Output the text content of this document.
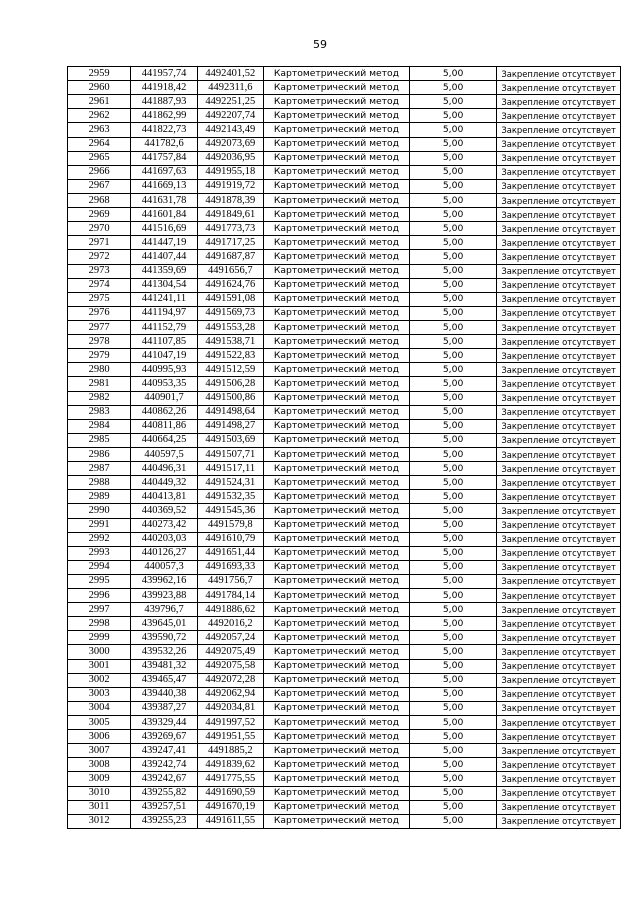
59
2959	441957,74	4492401,52	Картометрический метод	5,00	Закрепление отсутствует
2960	441918,42	4492311,6	Картометрический метод	5,00	Закрепление отсутствует
2961	441887,93	4492251,25	Картометрический метод	5,00	Закрепление отсутствует
2962	441862,99	4492207,74	Картометрический метод	5,00	Закрепление отсутствует
2963	441822,73	4492143,49	Картометрический метод	5,00	Закрепление отсутствует
2964	441782,6	4492073,69	Картометрический метод	5,00	Закрепление отсутствует
2965	441757,84	4492036,95	Картометрический метод	5,00	Закрепление отсутствует
2966	441697,63	4491955,18	Картометрический метод	5,00	Закрепление отсутствует
2967	441669,13	4491919,72	Картометрический метод	5,00	Закрепление отсутствует
2968	441631,78	4491878,39	Картометрический метод	5,00	Закрепление отсутствует
2969	441601,84	4491849,61	Картометрический метод	5,00	Закрепление отсутствует
2970	441516,69	4491773,73	Картометрический метод	5,00	Закрепление отсутствует
2971	441447,19	4491717,25	Картометрический метод	5,00	Закрепление отсутствует
2972	441407,44	4491687,87	Картометрический метод	5,00	Закрепление отсутствует
2973	441359,69	4491656,7	Картометрический метод	5,00	Закрепление отсутствует
2974	441304,54	4491624,76	Картометрический метод	5,00	Закрепление отсутствует
2975	441241,11	4491591,08	Картометрический метод	5,00	Закрепление отсутствует
2976	441194,97	4491569,73	Картометрический метод	5,00	Закрепление отсутствует
2977	441152,79	4491553,28	Картометрический метод	5,00	Закрепление отсутствует
2978	441107,85	4491538,71	Картометрический метод	5,00	Закрепление отсутствует
2979	441047,19	4491522,83	Картометрический метод	5,00	Закрепление отсутствует
2980	440995,93	4491512,59	Картометрический метод	5,00	Закрепление отсутствует
2981	440953,35	4491506,28	Картометрический метод	5,00	Закрепление отсутствует
2982	440901,7	4491500,86	Картометрический метод	5,00	Закрепление отсутствует
2983	440862,26	4491498,64	Картометрический метод	5,00	Закрепление отсутствует
2984	440811,86	4491498,27	Картометрический метод	5,00	Закрепление отсутствует
2985	440664,25	4491503,69	Картометрический метод	5,00	Закрепление отсутствует
2986	440597,5	4491507,71	Картометрический метод	5,00	Закрепление отсутствует
2987	440496,31	4491517,11	Картометрический метод	5,00	Закрепление отсутствует
2988	440449,32	4491524,31	Картометрический метод	5,00	Закрепление отсутствует
2989	440413,81	4491532,35	Картометрический метод	5,00	Закрепление отсутствует
2990	440369,52	4491545,36	Картометрический метод	5,00	Закрепление отсутствует
2991	440273,42	4491579,8	Картометрический метод	5,00	Закрепление отсутствует
2992	440203,03	4491610,79	Картометрический метод	5,00	Закрепление отсутствует
2993	440126,27	4491651,44	Картометрический метод	5,00	Закрепление отсутствует
2994	440057,3	4491693,33	Картометрический метод	5,00	Закрепление отсутствует
2995	439962,16	4491756,7	Картометрический метод	5,00	Закрепление отсутствует
2996	439923,88	4491784,14	Картометрический метод	5,00	Закрепление отсутствует
2997	439796,7	4491886,62	Картометрический метод	5,00	Закрепление отсутствует
2998	439645,01	4492016,2	Картометрический метод	5,00	Закрепление отсутствует
2999	439590,72	4492057,24	Картометрический метод	5,00	Закрепление отсутствует
3000	439532,26	4492075,49	Картометрический метод	5,00	Закрепление отсутствует
3001	439481,32	4492075,58	Картометрический метод	5,00	Закрепление отсутствует
3002	439465,47	4492072,28	Картометрический метод	5,00	Закрепление отсутствует
3003	439440,38	4492062,94	Картометрический метод	5,00	Закрепление отсутствует
3004	439387,27	4492034,81	Картометрический метод	5,00	Закрепление отсутствует
3005	439329,44	4491997,52	Картометрический метод	5,00	Закрепление отсутствует
3006	439269,67	4491951,55	Картометрический метод	5,00	Закрепление отсутствует
3007	439247,41	4491885,2	Картометрический метод	5,00	Закрепление отсутствует
3008	439242,74	4491839,62	Картометрический метод	5,00	Закрепление отсутствует
3009	439242,67	4491775,55	Картометрический метод	5,00	Закрепление отсутствует
3010	439255,82	4491690,59	Картометрический метод	5,00	Закрепление отсутствует
3011	439257,51	4491670,19	Картометрический метод	5,00	Закрепление отсутствует
3012	439255,23	4491611,55	Картометрический метод	5,00	Закрепление отсутствует
